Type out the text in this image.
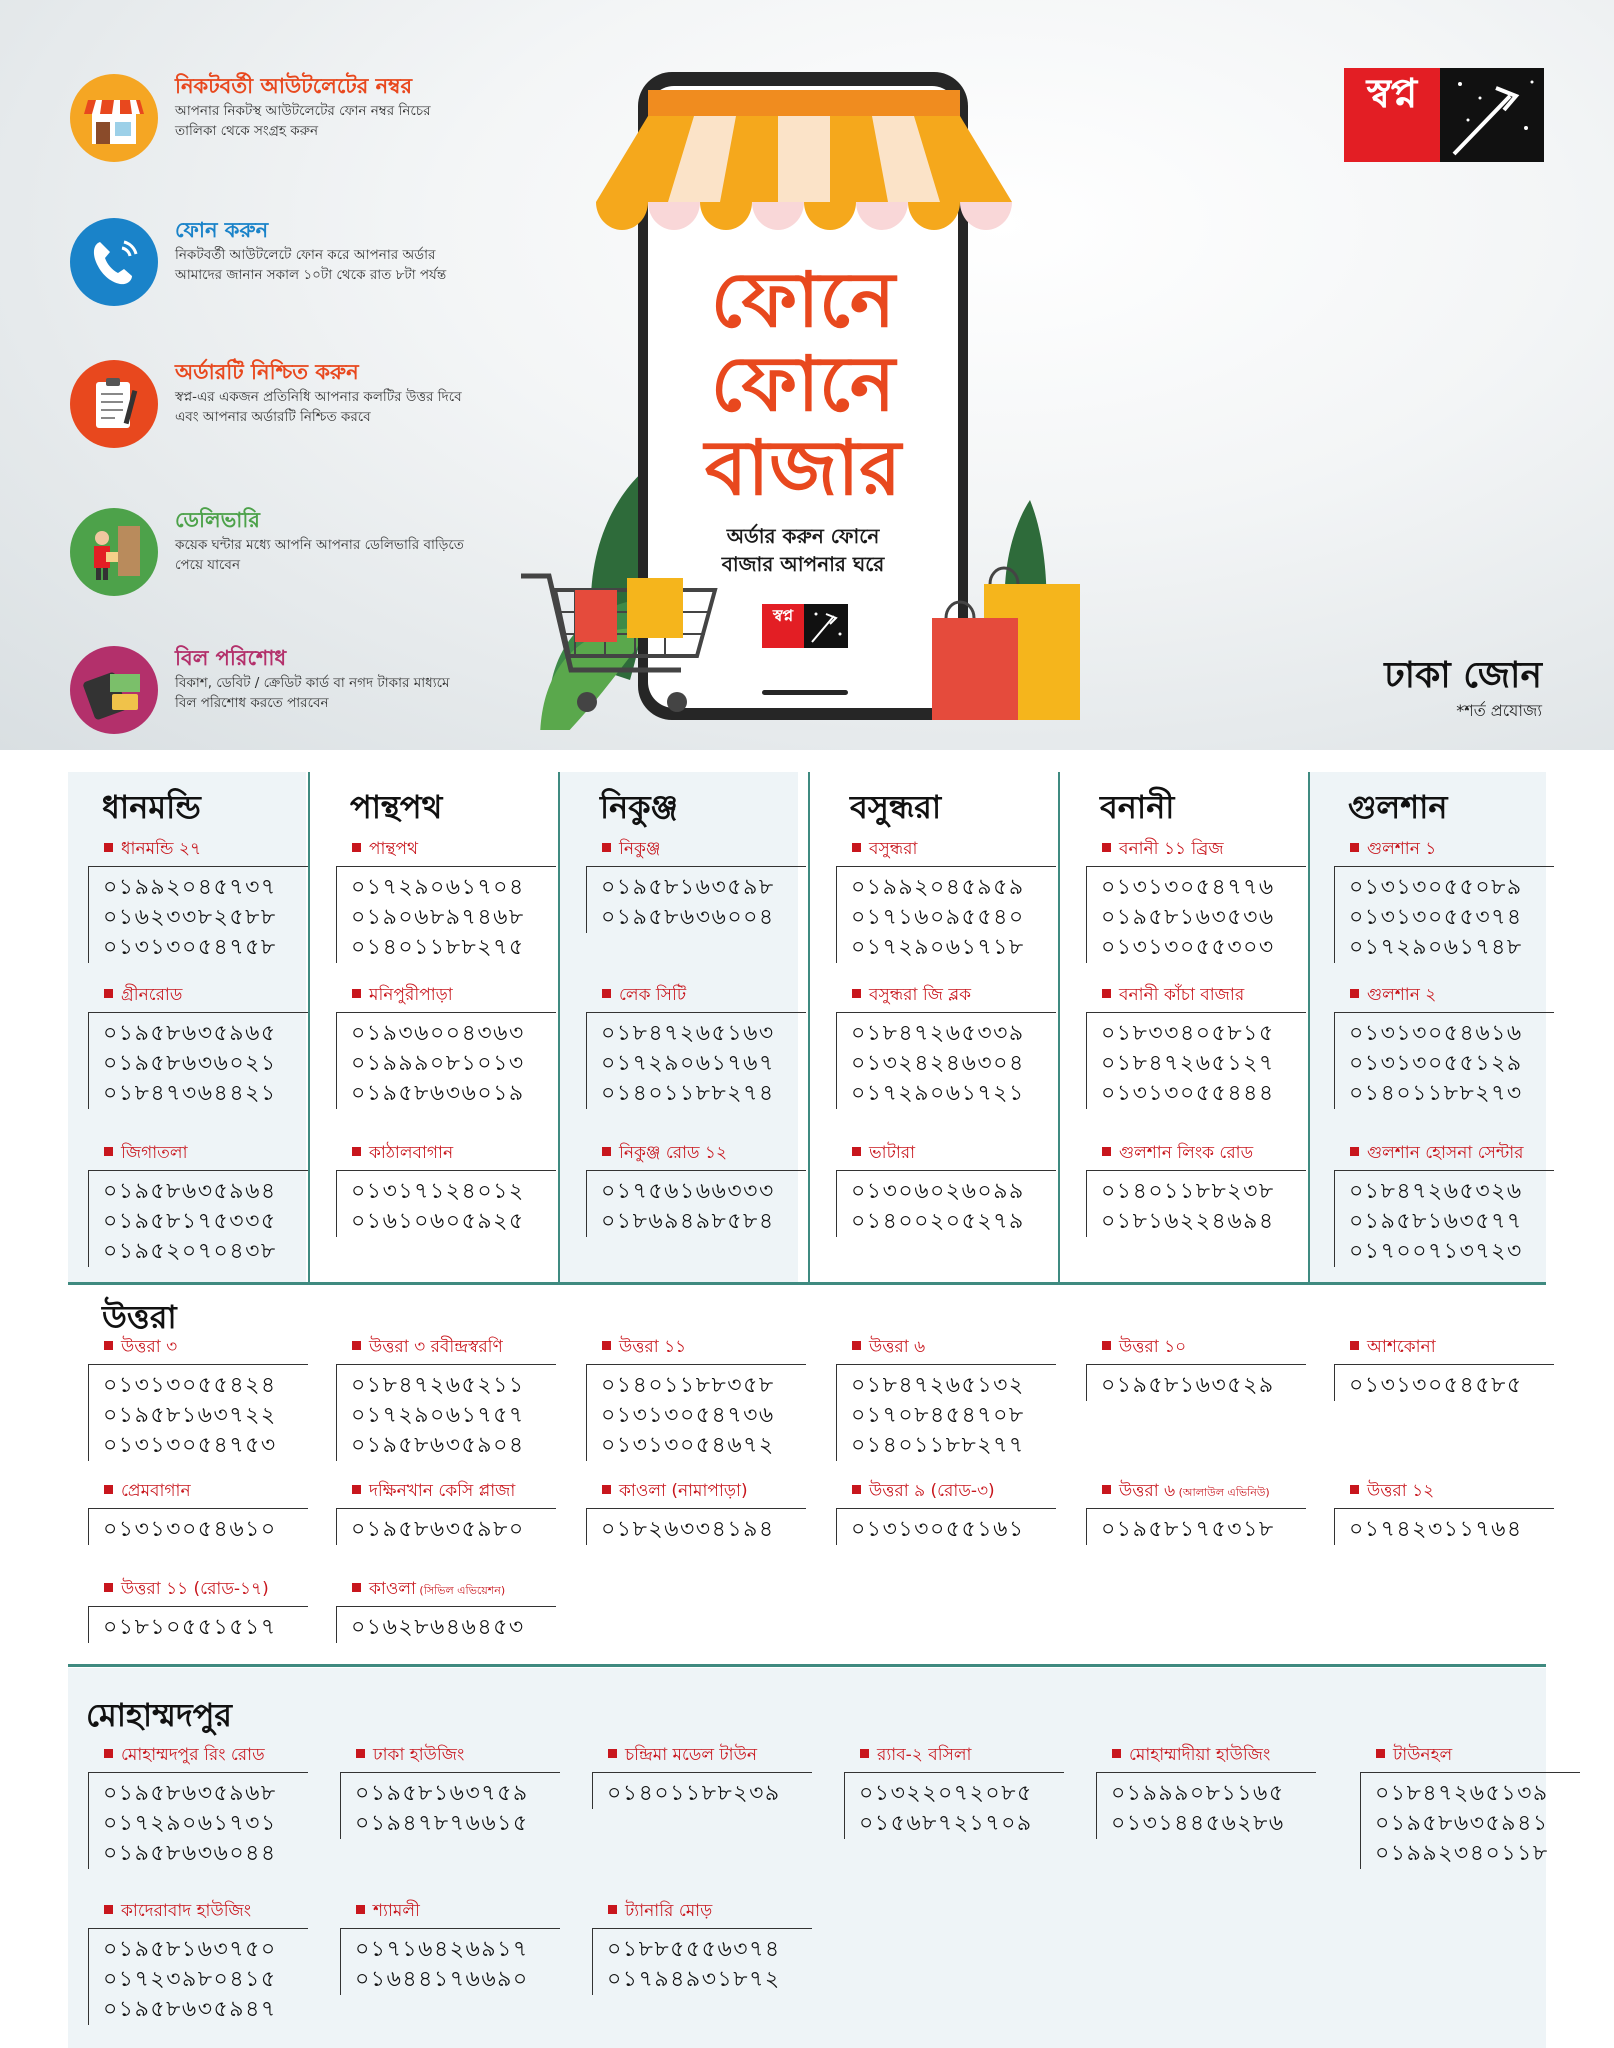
নিকটবর্তী আউটলেটের নম্বর
আপনার নিকটস্থ আউটলেটের ফোন নম্বর নিচের তালিকা থেকে সংগ্রহ করুন
ফোন করুন
নিকটবর্তী আউটলেটে ফোন করে আপনার অর্ডার আমাদের জানান সকাল ১০টা থেকে রাত ৮টা পর্যন্ত
অর্ডারটি নিশ্চিত করুন
স্বপ্ন-এর একজন প্রতিনিধি আপনার কলটির উত্তর দিবে এবং আপনার অর্ডারটি নিশ্চিত করবে
ডেলিভারি
কয়েক ঘন্টার মধ্যে আপনি আপনার ডেলিভারি বাড়িতে পেয়ে যাবেন
বিল পরিশোধ
বিকাশ, ডেবিট / ক্রেডিট কার্ড বা নগদ টাকার মাধ্যমে বিল পরিশোধ করতে পারবেন
ফোনে
ফোনে
বাজার
অর্ডার করুন ফোনে
বাজার আপনার ঘরে
স্বপ্ন
স্বপ্ন
ঢাকা জোন
*শর্ত প্রযোজ্য
ধানমন্ডি
ধানমন্ডি ২৭
০১৯৯২০৪৫৭৩৭
০১৬২৩৩৮২৫৮৮
০১৩১৩০৫৪৭৫৮
গ্রীনরোড
০১৯৫৮৬৩৫৯৬৫
০১৯৫৮৬৩৬০২১
০১৮৪৭৩৬৪৪২১
জিগাতলা
০১৯৫৮৬৩৫৯৬৪
০১৯৫৮১৭৫৩৩৫
০১৯৫২০৭০৪৩৮
পান্থপথ
পান্থপথ
০১৭২৯০৬১৭০৪
০১৯০৬৮৯৭৪৬৮
০১৪০১১৮৮২৭৫
মনিপুরীপাড়া
০১৯৩৬০০৪৩৬৩
০১৯৯৯০৮১০১৩
০১৯৫৮৬৩৬০১৯
কাঠালবাগান
০১৩১৭১২৪০১২
০১৬১০৬০৫৯২৫
নিকুঞ্জ
নিকুঞ্জ
০১৯৫৮১৬৩৫৯৮
০১৯৫৮৬৩৬০০৪
লেক সিটি
০১৮৪৭২৬৫১৬৩
০১৭২৯০৬১৭৬৭
০১৪০১১৮৮২৭৪
নিকুঞ্জ রোড ১২
০১৭৫৬১৬৬৩৩৩
০১৮৬৯৪৯৮৫৮৪
বসুন্ধরা
বসুন্ধরা
০১৯৯২০৪৫৯৫৯
০১৭১৬০৯৫৫৪০
০১৭২৯০৬১৭১৮
বসুন্ধরা জি ব্লক
০১৮৪৭২৬৫৩৩৯
০১৩২৪২৪৬৩০৪
০১৭২৯০৬১৭২১
ভাটারা
০১৩০৬০২৬০৯৯
০১৪০০২০৫২৭৯
বনানী
বনানী ১১ ব্রিজ
০১৩১৩০৫৪৭৭৬
০১৯৫৮১৬৩৫৩৬
০১৩১৩০৫৫৩০৩
বনানী কাঁচা বাজার
০১৮৩৩৪০৫৮১৫
০১৮৪৭২৬৫১২৭
০১৩১৩০৫৫৪৪৪
গুলশান লিংক রোড
০১৪০১১৮৮২৩৮
০১৮১৬২২৪৬৯৪
গুলশান
গুলশান ১
০১৩১৩০৫৫০৮৯
০১৩১৩০৫৫৩৭৪
০১৭২৯০৬১৭৪৮
গুলশান ২
০১৩১৩০৫৪৬১৬
০১৩১৩০৫৫১২৯
০১৪০১১৮৮২৭৩
গুলশান হোসনা সেন্টার
০১৮৪৭২৬৫৩২৬
০১৯৫৮১৬৩৫৭৭
০১৭০০৭১৩৭২৩
উত্তরা
উত্তরা ৩
০১৩১৩০৫৫৪২৪
০১৯৫৮১৬৩৭২২
০১৩১৩০৫৪৭৫৩
উত্তরা ৩ রবীন্দ্রস্বরণি
০১৮৪৭২৬৫২১১
০১৭২৯০৬১৭৫৭
০১৯৫৮৬৩৫৯০৪
উত্তরা ১১
০১৪০১১৮৮৩৫৮
০১৩১৩০৫৪৭৩৬
০১৩১৩০৫৪৬৭২
উত্তরা ৬
০১৮৪৭২৬৫১৩২
০১৭০৮৪৫৪৭০৮
০১৪০১১৮৮২৭৭
উত্তরা ১০
০১৯৫৮১৬৩৫২৯
আশকোনা
০১৩১৩০৫৪৫৮৫
প্রেমবাগান
০১৩১৩০৫৪৬১০
দক্ষিনখান কেসি প্লাজা
০১৯৫৮৬৩৫৯৮০
কাওলা (নামাপাড়া)
০১৮২৬৩৩৪১৯৪
উত্তরা ৯ (রোড-৩)
০১৩১৩০৫৫১৬১
উত্তরা ৬ (আলাউল এভিনিউ)
০১৯৫৮১৭৫৩১৮
উত্তরা ১২
০১৭৪২৩১১৭৬৪
উত্তরা ১১ (রোড-১৭)
০১৮১০৫৫১৫১৭
কাওলা (সিভিল এভিয়েশন)
০১৬২৮৬৪৬৪৫৩
মোহাম্মদপুর
মোহাম্মদপুর রিং রোড
০১৯৫৮৬৩৫৯৬৮
০১৭২৯০৬১৭৩১
০১৯৫৮৬৩৬০৪৪
ঢাকা হাউজিং
০১৯৫৮১৬৩৭৫৯
০১৯৪৭৮৭৬৬১৫
চন্দ্রিমা মডেল টাউন
০১৪০১১৮৮২৩৯
র‍্যাব-২ বসিলা
০১৩২২০৭২০৮৫
০১৫৬৮৭২১৭০৯
মোহাম্মাদীয়া হাউজিং
০১৯৯৯০৮১১৬৫
০১৩১৪৪৫৬২৮৬
টাউনহল
০১৮৪৭২৬৫১৩৯
০১৯৫৮৬৩৫৯৪১
০১৯৯২৩৪০১১৮
কাদেরাবাদ হাউজিং
০১৯৫৮১৬৩৭৫০
০১৭২৩৯৮০৪১৫
০১৯৫৮৬৩৫৯৪৭
শ্যামলী
০১৭১৬৪২৬৯১৭
০১৬৪৪১৭৬৬৯০
ট্যানারি মোড়
০১৮৮৫৫৫৬৩৭৪
০১৭৯৪৯৩১৮৭২
